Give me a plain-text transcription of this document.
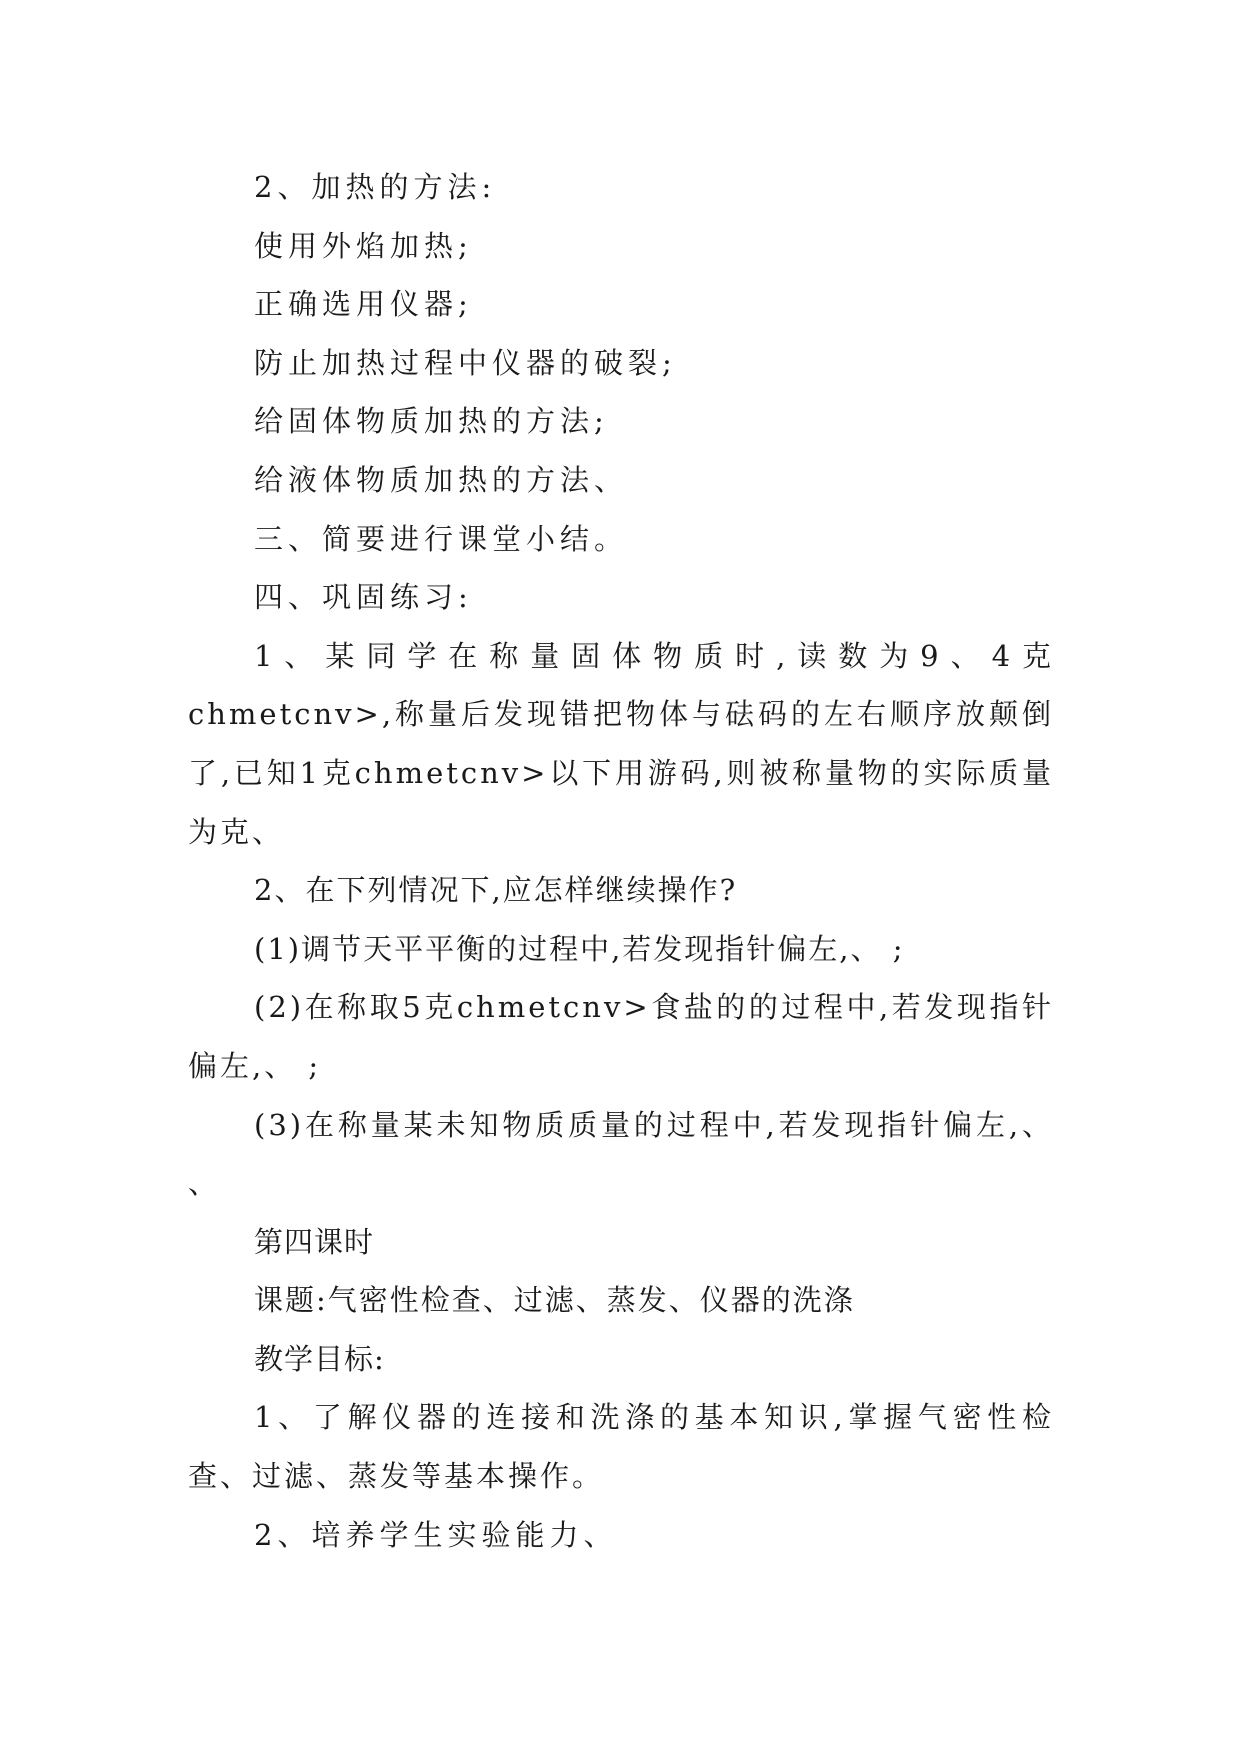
2、加热的方法:

使用外焰加热;

正确选用仪器;

防止加热过程中仪器的破裂;

给固体物质加热的方法;

给液体物质加热的方法、

三、简要进行课堂小结。

四、巩固练习:

1、某同学在称量固体物质时,读数为9、4克chmetcnv>,称量后发现错把物体与砝码的左右顺序放颠倒了,已知1克chmetcnv>以下用游码,则被称量物的实际质量为克、

2、在下列情况下,应怎样继续操作?

(1)调节天平平衡的过程中,若发现指针偏左,、 ;

(2)在称取5克chmetcnv>食盐的的过程中,若发现指针偏左,、 ;

(3)在称量某未知物质质量的过程中,若发现指针偏左,、 、

第四课时

课题:气密性检查、过滤、蒸发、仪器的洗涤

教学目标:

1、了解仪器的连接和洗涤的基本知识,掌握气密性检查、过滤、蒸发等基本操作。

2、培养学生实验能力、
